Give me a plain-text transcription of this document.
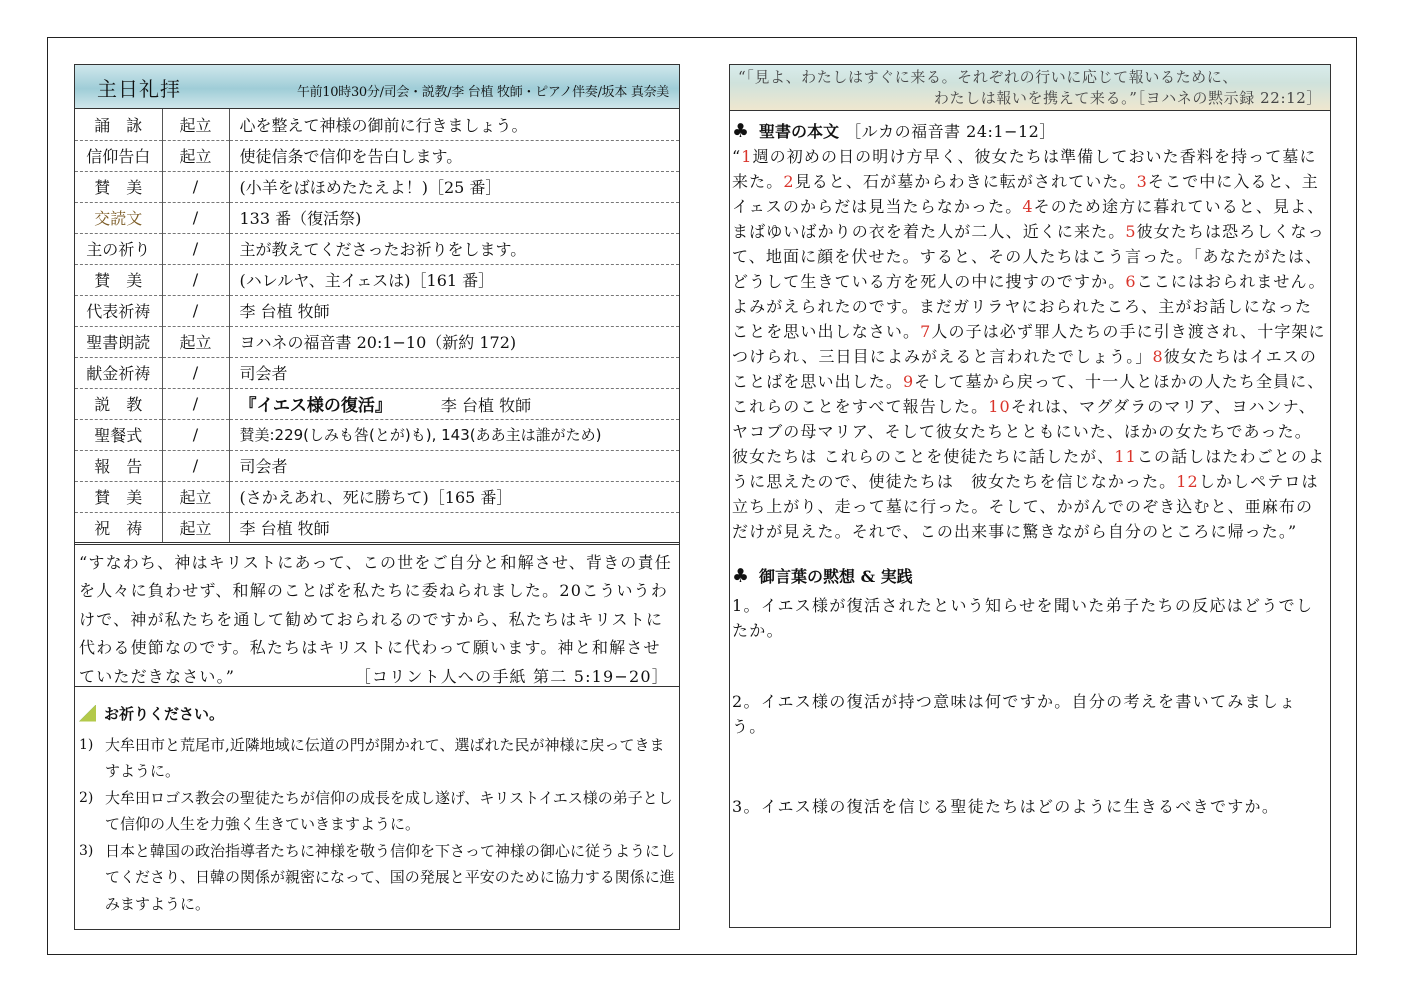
主日礼拝	午前10時30分/司会・説教/李 台植 牧師・ピアノ伴奏/坂本 真奈美
誦　詠	起立	心を整えて神様の御前に行きましょう。
信仰告白	起立	使徒信条で信仰を告白します。
賛　美	/	(小羊をばほめたたえよ！)［25 番］
交読文	/	133 番（復活祭)
主の祈り	/	主が教えてくださったお祈りをします。
賛　美	/	(ハレルヤ、主イェスは)［161 番］
代表祈祷	/	李 台植 牧師
聖書朗読	起立	ヨハネの福音書 20:1−10（新約 172)
献金祈祷	/	司会者
説　教	/	『イエス様の復活』 李 台植 牧師
聖餐式	/	賛美:229(しみも咎(とが)も), 143(ああ主は誰がため)
報　告	/	司会者
賛　美	起立	(さかえあれ、死に勝ちて)［165 番］
祝　祷	起立	李 台植 牧師
“すなわち、神はキリストにあって、この世をご自分と和解させ、背きの責任を人々に負わせず、和解のことばを私たちに委ねられました。20こういうわけで、神が私たちを通して勧めておられるのですから、私たちはキリストに代わる使節なのです。私たちはキリストに代わって願います。神と和解させていただきなさい。”	［コリント人への手紙 第二 5:19−20］
お祈りください。
1) 大牟田市と荒尾市,近隣地域に伝道の門が開かれて、選ばれた民が神様に戻ってきますように。
2) 大牟田ロゴス教会の聖徒たちが信仰の成長を成し遂げ、キリストイエス様の弟子として信仰の人生を力強く生きていきますように。
3) 日本と韓国の政治指導者たちに神様を敬う信仰を下さって神様の御心に従うようにしてくださり、日韓の関係が親密になって、国の発展と平安のために協力する関係に進みますように。
“「見よ、わたしはすぐに来る。それぞれの行いに応じて報いるために、
わたしは報いを携えて来る。”［ヨハネの黙示録 22:12］
♣ 聖書の本文 ［ルカの福音書 24:1−12］
“1週の初めの日の明け方早く、彼女たちは準備しておいた香料を持って墓に来た。2見ると、石が墓からわきに転がされていた。3そこで中に入ると、主イェスのからだは見当たらなかった。4そのため途方に暮れていると、見よ、まばゆいばかりの衣を着た人が二人、近くに来た。5彼女たちは恐ろしくなって、地面に顔を伏せた。すると、その人たちはこう言った。「あなたがたは、どうして生きている方を死人の中に捜すのですか。6ここにはおられません。よみがえられたのです。まだガリラヤにおられたころ、主がお話しになったことを思い出しなさい。7人の子は必ず罪人たちの手に引き渡され、十字架につけられ、三日目によみがえると言われたでしょう。」8彼女たちはイエスのことばを思い出した。9そして墓から戻って、十一人とほかの人たち全員に、これらのことをすべて報告した。10それは、マグダラのマリア、ヨハンナ、ヤコブの母マリア、そして彼女たちとともにいた、ほかの女たちであった。彼女たちは これらのことを使徒たちに話したが、11この話しはたわごとのように思えたので、使徒たちは　彼女たちを信じなかった。12しかしペテロは立ち上がり、走って墓に行った。そして、かがんでのぞき込むと、亜麻布のだけが見えた。それで、この出来事に驚きながら自分のところに帰った。”
♣ 御言葉の黙想 & 実践
1。イエス様が復活されたという知らせを聞いた弟子たちの反応はどうでしたか。
2。イエス様の復活が持つ意味は何ですか。自分の考えを書いてみましょう。
3。イエス様の復活を信じる聖徒たちはどのように生きるべきですか。
